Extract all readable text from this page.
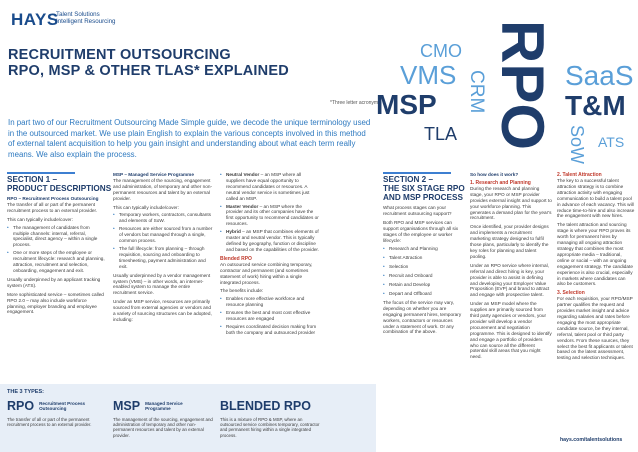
HAYS
Talent Solutions
Intelligent Resourcing
RECRUITMENT OUTSOURCING
RPO, MSP & OTHER TLAS* EXPLAINED
*Three letter acronyms RPO
CMO
VMS CRM
MSP
TLA
SaaS
T&M
SoW ATS
In part two of our Recruitment Outsourcing Made Simple guide, we decode the unique terminology used in the outsourced market. We use plain English to explain the various concepts involved in this method of external talent acquisition to help you gain insight and understanding about what each term really means. We also explain the process.
SECTION 1 –
PRODUCT DESCRIPTIONS
RPO – Recruitment Process Outsourcing
The transfer of all or part of the permanent recruitment process to an external provider.
This can typically include/cover:
• The management of candidates from multiple channels: internal, referral, specialist, direct agency – within a single process.
• One or more steps of the employee or recruitment lifecycle: research and planning, attraction, recruitment and selection, onboarding, engagement and exit.
Usually underpinned by an applicant tracking system (ATS).
More sophisticated service – sometimes called RPO 2.0 – may also include workforce planning, employer branding and employee engagement.
MSP – Managed Service Programme
The management of the sourcing, engagement and administration, of temporary and other non-permanent resources and talent by an external provider.
This can typically include/cover:
• Temporary workers, contractors, consultants and elements of SoW.
• Resources are either sourced from a number of vendors but managed through a single, common process.
• The full lifecycle: from planning – through requisition, sourcing and onboarding to timesheeting, payment administration and exit.
Usually underpinned by a vendor management system (VMS) – in other words, an internet-enabled system to manage the entire recruitment service.
Under an MSP service, resources are primarily sourced from external agencies or vendors and a variety of sourcing structures can be adopted, including:
• Neutral Vendor – an MSP where all suppliers have equal opportunity to recommend candidates or resources. A neutral vendor service is sometimes just called an MSP.
• Master Vendor – an MSP where the provider and its other companies have the first opportunity to recommend candidates or resources.
• Hybrid – an MSP that combines elements of master and neutral vendor. This is typically defined by geography, function or discipline and based on the capabilities of the provider.
Blended RPO
An outsourced service combining temporary, contractor and permanent (and sometimes statement of work) hiring within a single integrated process.
The benefits include:
• Enables more effective workforce and resource planning
• Ensures the best and most cost effective resources are engaged
• Requires coordinated decision making from both the company and outsourced provider
THE 3 TYPES:
RPO Recruitment Process
Outsourcing
The transfer of all or part of the permanent recruitment process to an external provider.
MSP Managed Service
Programme
The management of the sourcing, engagement and administration of temporary and other non-permanent resources and talent by an external provider.
BLENDED RPO
This is a mixture of RPO & MSP, where an outsourced service combines temporary, contractor and permanent hiring within a single integrated process.
SECTION 2 –
THE SIX STAGE RPO
AND MSP PROCESS
What process stages can your recruitment outsourcing support?
Both RPO and MSP services can support organisations through all six stages of the employee or worker lifecycle:
• Research and Planning
• Talent Attraction
• Selection
• Recruit and Onboard
• Retain and Develop
• Depart and Offboard
The focus of the service may vary, depending on whether you are engaging permanent hires, temporary workers, contractors or resources under a statement of work. Or any combination of the above.
So how does it work?
1. Research and Planning
During the research and planning stage, your RPO or MSP provider provides external insight and support to your workforce planning. This generates a demand plan for the year's recruitment.
Once identified, your provider designs and implements a recruitment marketing strategy designed to fulfil those plans, particularly to identify the key roles for planning and talent pooling.
Under an RPO service where internal, referral and direct hiring is key, your provider is able to assist in defining and developing your Employer Value Proposition (EVP) and brand to attract and engage with prospective talent.
Under an MSP model where the supplies are primarily sourced from third party agencies or vendors, your provider will develop a vendor procurement and negotiation programme. This is designed to identify and engage a portfolio of providers who can source all the different potential skill areas that you might need.
2. Talent Attraction
The key to a successful talent attraction strategy is to combine attraction activity with engaging communication to build a talent pool in advance of each vacancy. This will reduce time-to-hire and also increase the engagement with new hires.
The talent attraction and sourcing stage is where your RPO proves its worth for permanent hires by managing all ongoing attraction strategy that combines the most appropriate media – traditional, online or social – with an ongoing engagement strategy. The candidate experience is also crucial, especially in markets where candidates can also be customers.
3. Selection
For each requisition, your RPO/MSP partner qualifies the request and provides market insight and advice regarding salaries and rates before engaging the most appropriate candidate source, be they internal, referral, talent pool or third party vendors. From these sources, they select the best fit applicants or talent based on the latest assessment, testing and selection techniques.
hays.com/talentsolutions
